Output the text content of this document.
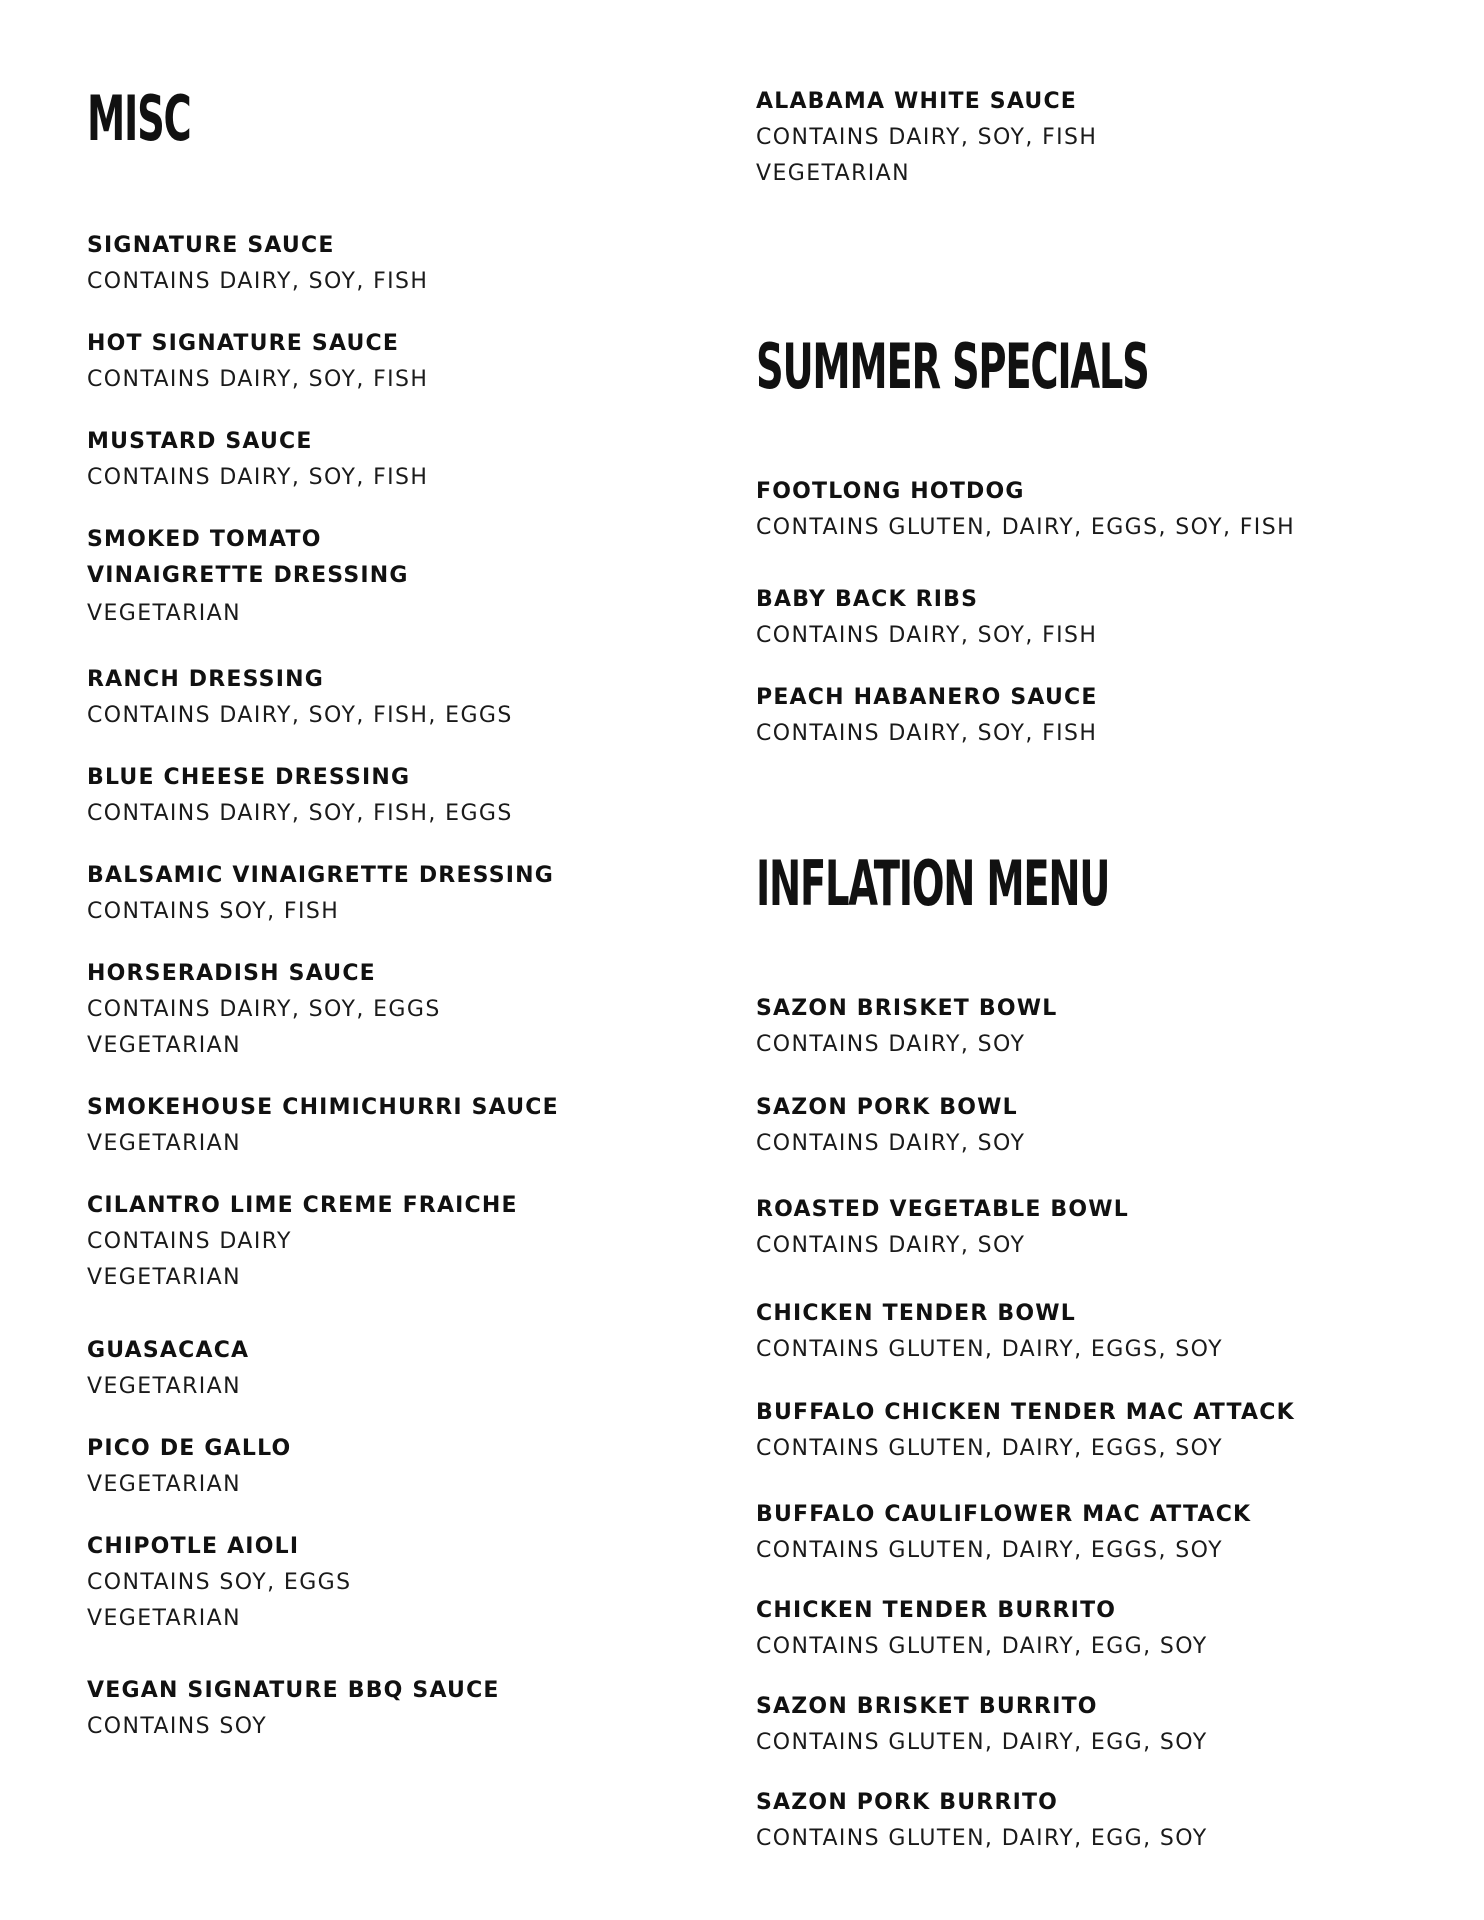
MISC
SIGNATURE SAUCE
CONTAINS DAIRY, SOY, FISH
HOT SIGNATURE SAUCE
CONTAINS DAIRY, SOY, FISH
MUSTARD SAUCE
CONTAINS DAIRY, SOY, FISH
SMOKED TOMATO
VINAIGRETTE DRESSING
VEGETARIAN
RANCH DRESSING
CONTAINS DAIRY, SOY, FISH, EGGS
BLUE CHEESE DRESSING
CONTAINS DAIRY, SOY, FISH, EGGS
BALSAMIC VINAIGRETTE DRESSING
CONTAINS SOY, FISH
HORSERADISH SAUCE
CONTAINS DAIRY, SOY, EGGS
VEGETARIAN
SMOKEHOUSE CHIMICHURRI SAUCE
VEGETARIAN
CILANTRO LIME CREME FRAICHE
CONTAINS DAIRY
VEGETARIAN
GUASACACA
VEGETARIAN
PICO DE GALLO
VEGETARIAN
CHIPOTLE AIOLI
CONTAINS SOY, EGGS
VEGETARIAN
VEGAN SIGNATURE BBQ SAUCE
CONTAINS SOY
ALABAMA WHITE SAUCE
CONTAINS DAIRY, SOY, FISH
VEGETARIAN
SUMMER SPECIALS
FOOTLONG HOTDOG
CONTAINS GLUTEN, DAIRY, EGGS, SOY, FISH
BABY BACK RIBS
CONTAINS DAIRY, SOY, FISH
PEACH HABANERO SAUCE
CONTAINS DAIRY, SOY, FISH
INFLATION MENU
SAZON BRISKET BOWL
CONTAINS DAIRY, SOY
SAZON PORK BOWL
CONTAINS DAIRY, SOY
ROASTED VEGETABLE BOWL
CONTAINS DAIRY, SOY
CHICKEN TENDER BOWL
CONTAINS GLUTEN, DAIRY, EGGS, SOY
BUFFALO CHICKEN TENDER MAC ATTACK
CONTAINS GLUTEN, DAIRY, EGGS, SOY
BUFFALO CAULIFLOWER MAC ATTACK
CONTAINS GLUTEN, DAIRY, EGGS, SOY
CHICKEN TENDER BURRITO
CONTAINS GLUTEN, DAIRY, EGG, SOY
SAZON BRISKET BURRITO
CONTAINS GLUTEN, DAIRY, EGG, SOY
SAZON PORK BURRITO
CONTAINS GLUTEN, DAIRY, EGG, SOY
